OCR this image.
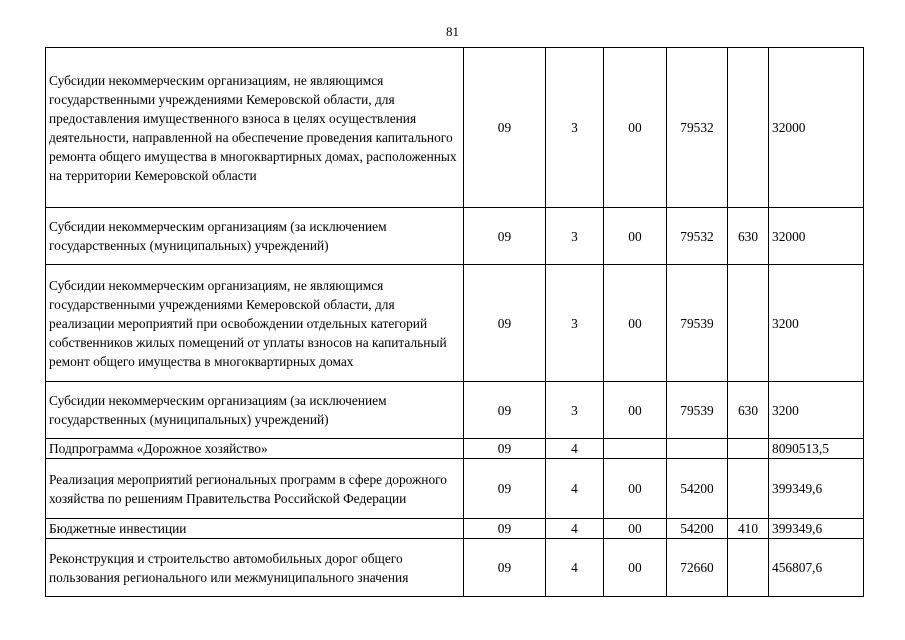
81
Субсидии некоммерческим организациям, не являющимся государственными учреждениями Кемеровской области, для предоставления имущественного взноса в целях осуществления деятельности, направленной на обеспечение проведения капитального ремонта общего имущества в многоквартирных домах, расположенных на территории Кемеровской области	09	3	00	79532		32000
Субсидии некоммерческим организациям (за исключением государственных (муниципальных) учреждений)	09	3	00	79532	630	32000
Субсидии некоммерческим организациям, не являющимся государственными учреждениями Кемеровской области, для реализации мероприятий при освобождении отдельных категорий собственников жилых помещений от уплаты взносов на капитальный ремонт общего имущества в многоквартирных домах	09	3	00	79539		3200
Субсидии некоммерческим организациям (за исключением государственных (муниципальных) учреждений)	09	3	00	79539	630	3200
Подпрограмма «Дорожное хозяйство»	09	4				8090513,5
Реализация мероприятий региональных программ в сфере дорожного хозяйства по решениям Правительства Российской Федерации	09	4	00	54200		399349,6
Бюджетные инвестиции	09	4	00	54200	410	399349,6
Реконструкция и строительство автомобильных дорог общего пользования регионального или межмуниципального значения	09	4	00	72660		456807,6
